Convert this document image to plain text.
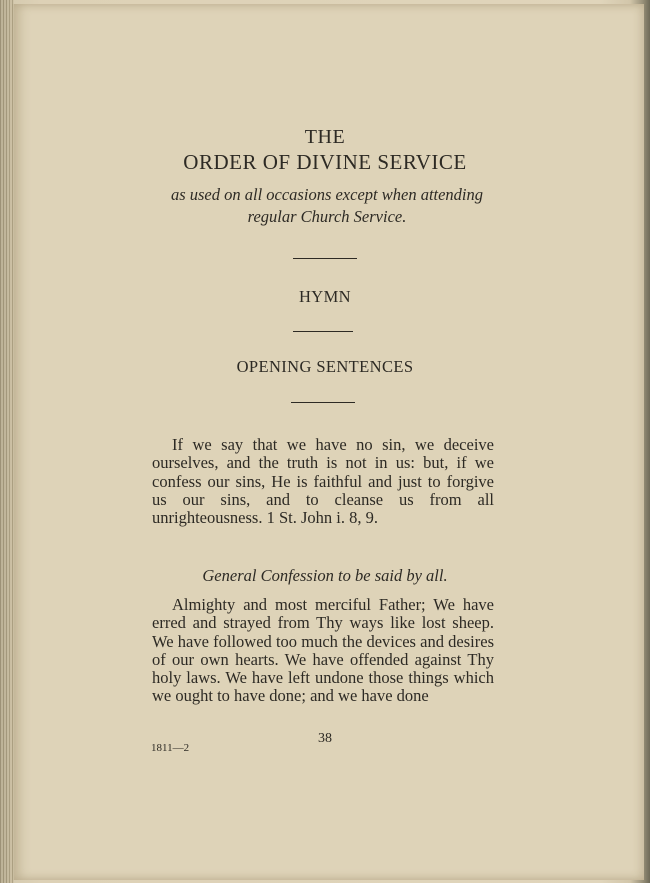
THE
ORDER OF DIVINE SERVICE
as used on all occasions except when attending regular Church Service.
HYMN
OPENING SENTENCES
If we say that we have no sin, we deceive ourselves, and the truth is not in us: but, if we confess our sins, He is faithful and just to forgive us our sins, and to cleanse us from all unrighteousness. 1 St. John i. 8, 9.
General Confession to be said by all.
Almighty and most merciful Father; We have erred and strayed from Thy ways like lost sheep. We have followed too much the devices and desires of our own hearts. We have offended against Thy holy laws. We have left undone those things which we ought to have done; and we have done
38
1811—2
